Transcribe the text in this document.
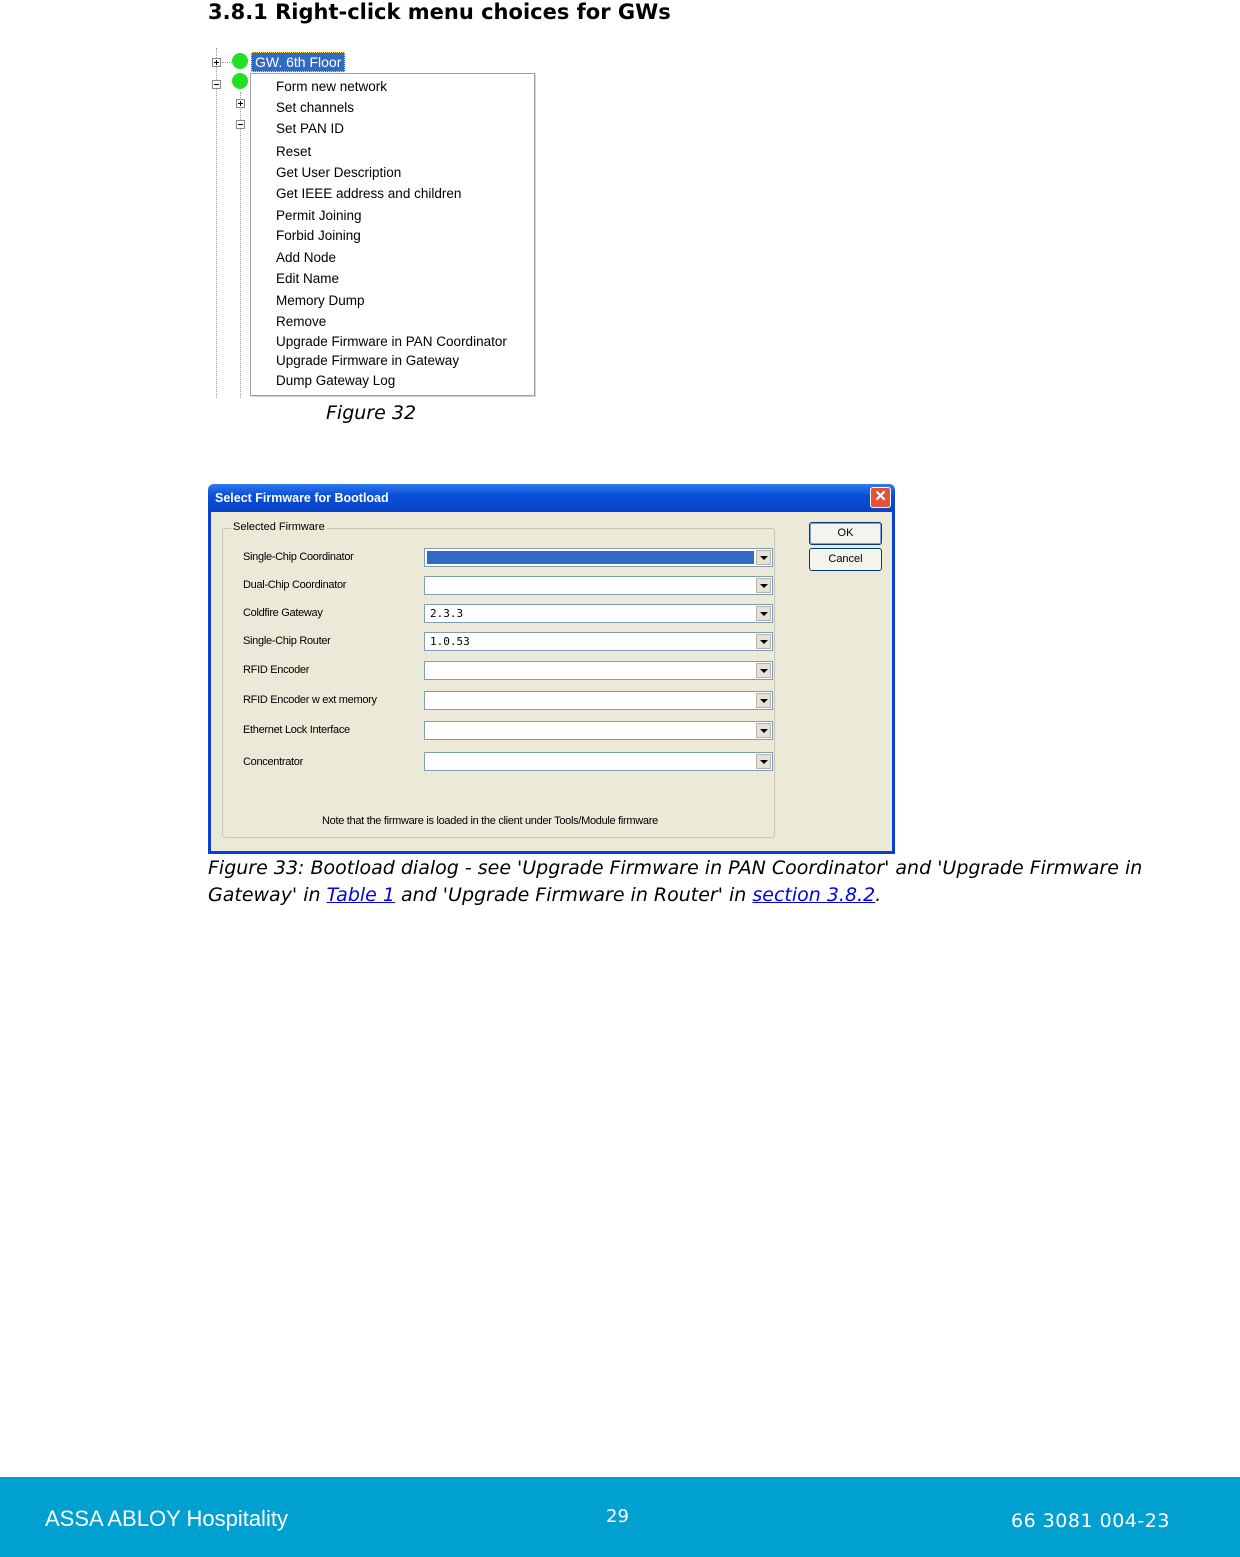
3.8.1 Right-click menu choices for GWs
GW. 6th Floor
Form new network
Set channels
Set PAN ID
Reset
Get User Description
Get IEEE address and children
Permit Joining
Forbid Joining
Add Node
Edit Name
Memory Dump
Remove
Upgrade Firmware in PAN Coordinator
Upgrade Firmware in Gateway
Dump Gateway Log
Figure 32
Select Firmware for Bootload	✕
Selected Firmware
Single-Chip Coordinator
Dual-Chip Coordinator
Coldfire Gateway	2.3.3
Single-Chip Router	1.0.53
RFID Encoder
RFID Encoder w ext memory
Ethernet Lock Interface
Concentrator
Note that the firmware is loaded in the client under Tools/Module firmware
OK
Cancel
Figure 33: Bootload dialog - see 'Upgrade Firmware in PAN Coordinator' and 'Upgrade Firmware in Gateway' in Table 1 and 'Upgrade Firmware in Router' in section 3.8.2.
ASSA ABLOY Hospitality	29	66 3081 004-23
